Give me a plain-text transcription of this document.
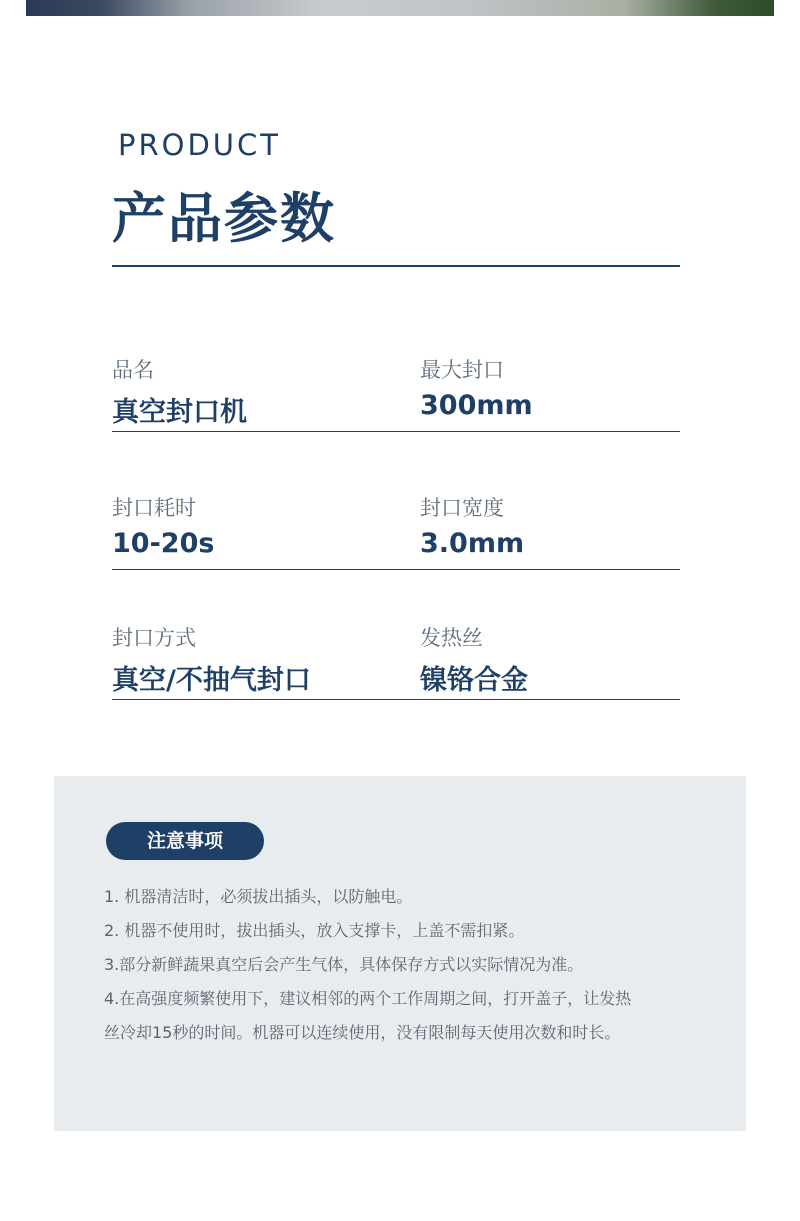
PRODUCT
产品参数
品名
真空封口机
最大封口
300mm
封口耗时
10-20s
封口宽度
3.0mm
封口方式
真空/不抽气封口
发热丝
镍铬合金
注意事项

1. 机器清洁时，必须拔出插头，以防触电。

2. 机器不使用时，拔出插头，放入支撑卡，上盖不需扣紧。

3.部分新鲜蔬果真空后会产生气体，具体保存方式以实际情况为准。

4.在高强度频繁使用下，建议相邻的两个工作周期之间，打开盖子，让发热

丝冷却15秒的时间。机器可以连续使用，没有限制每天使用次数和时长。
